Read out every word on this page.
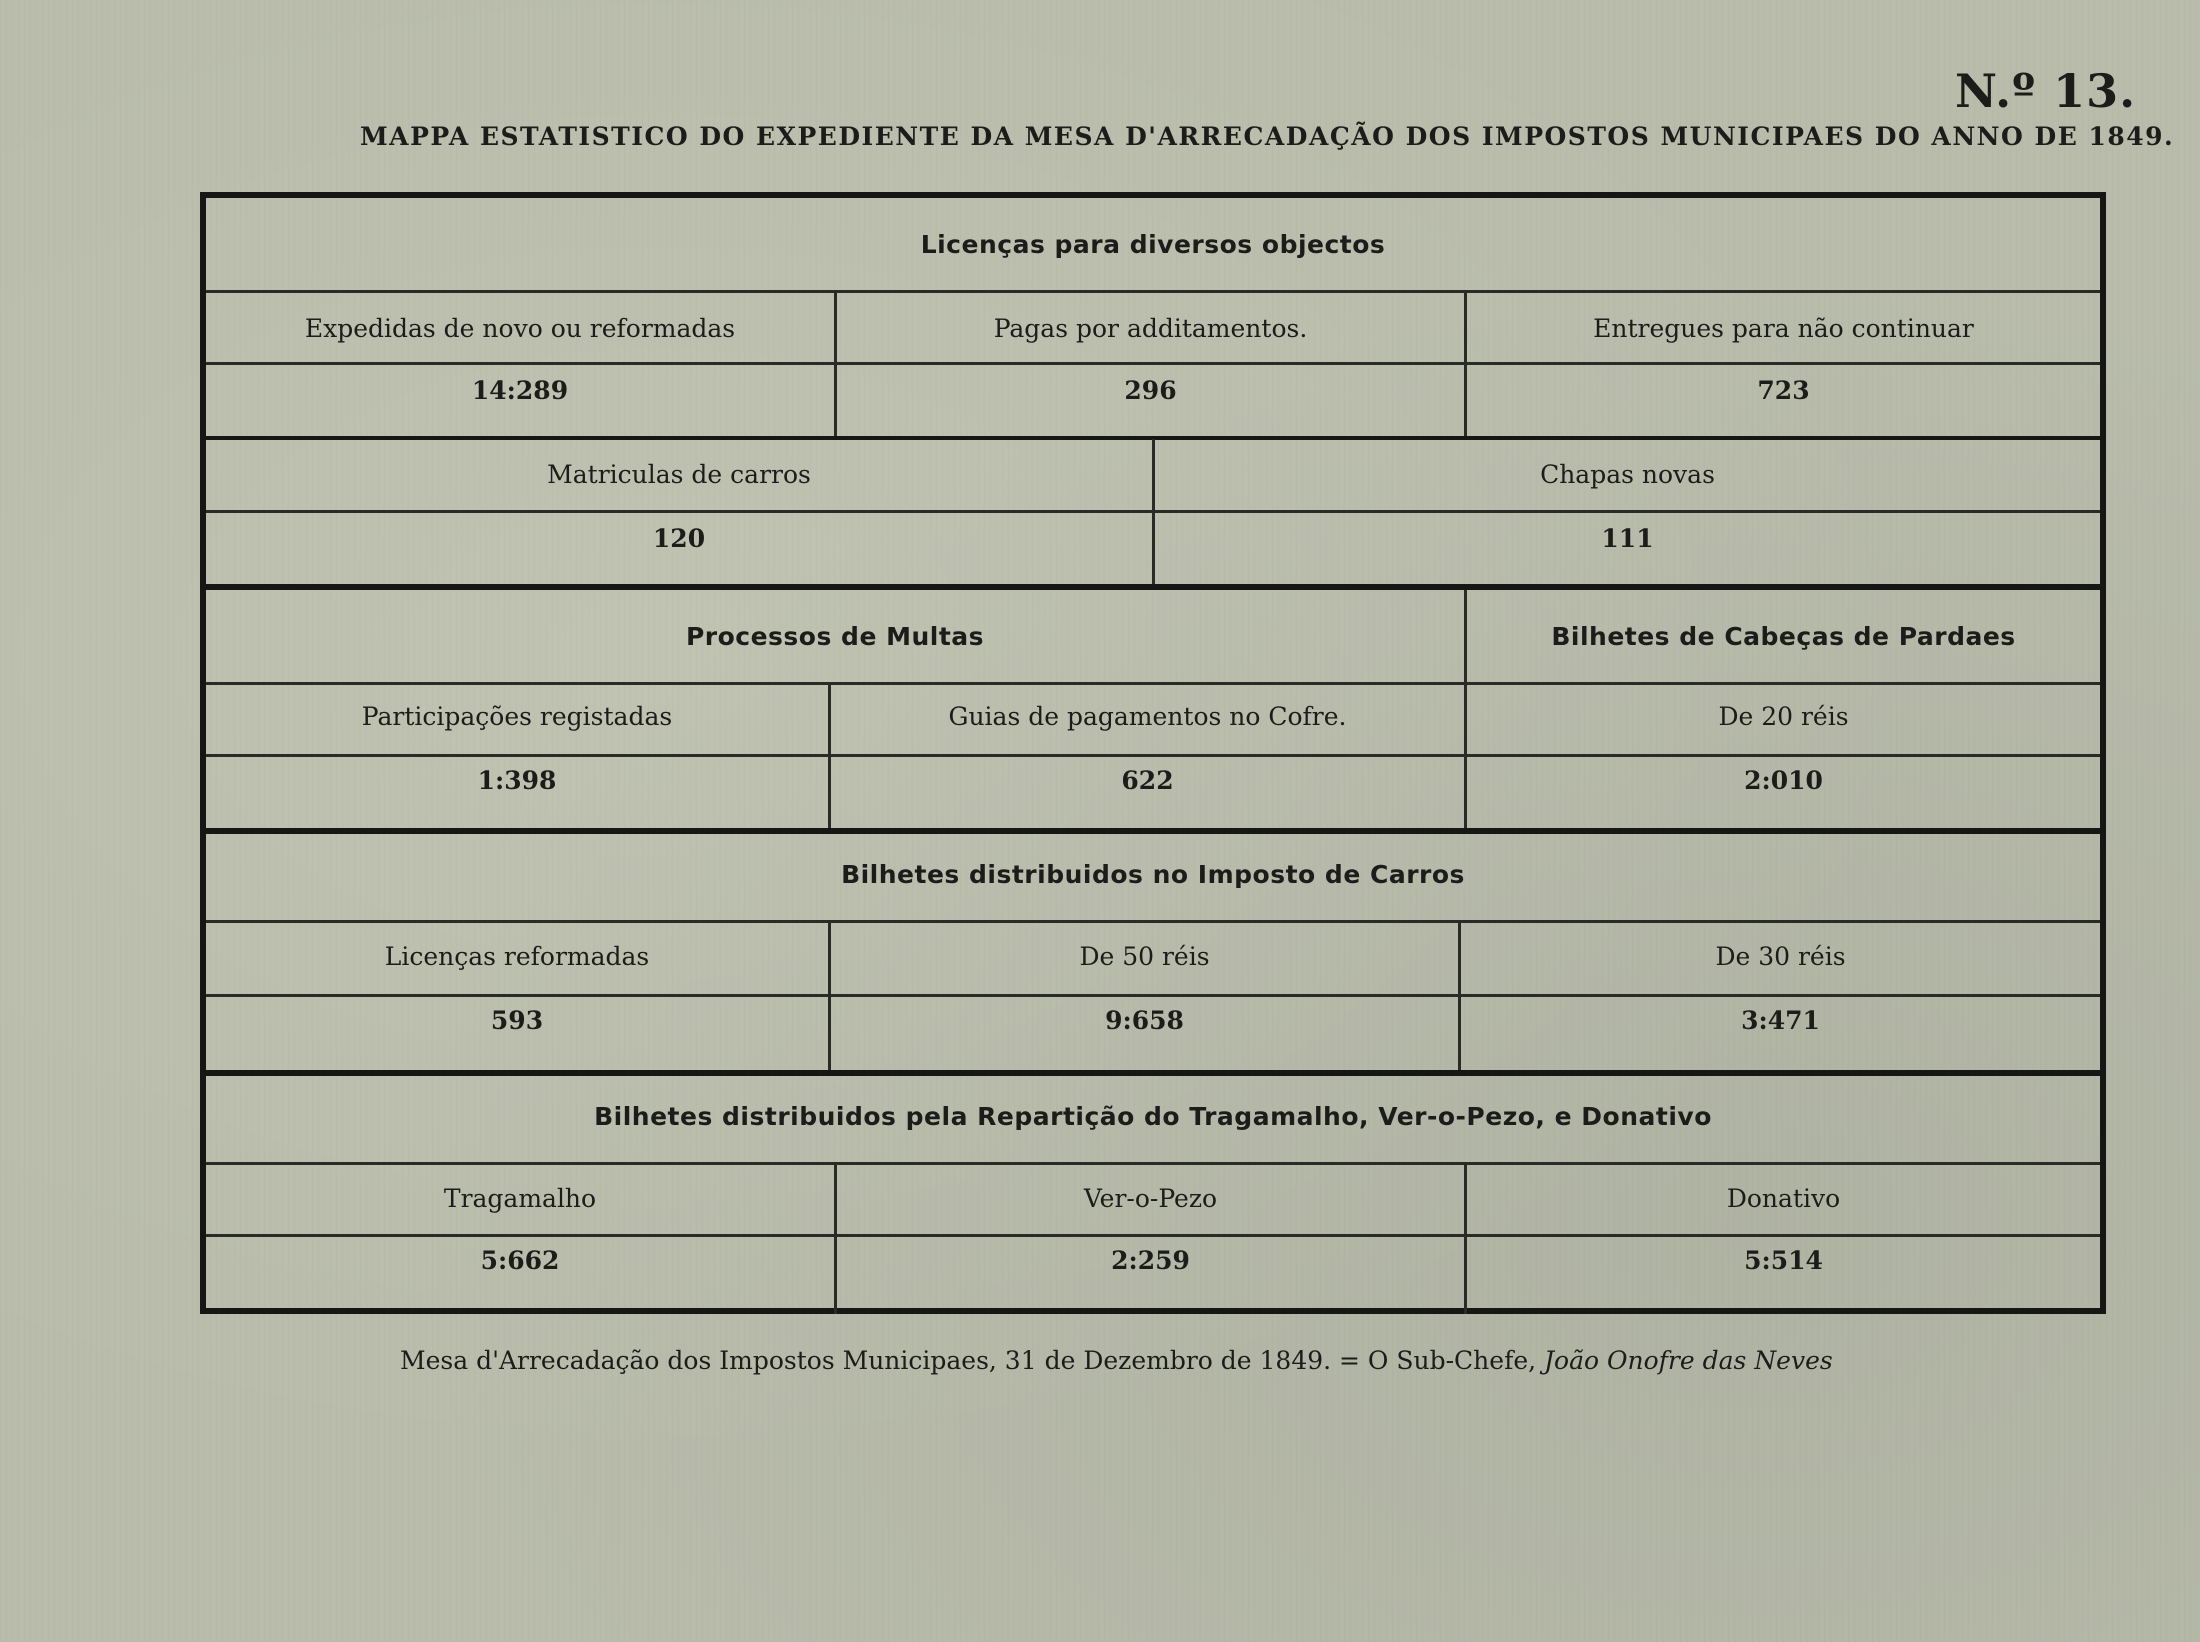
N.º 13.
MAPPA ESTATISTICO DO EXPEDIENTE DA MESA D'ARRECADAÇÃO DOS IMPOSTOS MUNICIPAES DO ANNO DE 1849.
Licenças para diversos objectos
Expedidas de novo ou reformadas	Pagas por additamentos.	Entregues para não continuar
14:289	296	723
Matriculas de carros	Chapas novas
120	111
Processos de Multas	Bilhetes de Cabeças de Pardaes
Participações registadas	Guias de pagamentos no Cofre.	De 20 réis
1:398	622	2:010
Bilhetes distribuidos no Imposto de Carros
Licenças reformadas	De 50 réis	De 30 réis
593	9:658	3:471
Bilhetes distribuidos pela Repartição do Tragamalho, Ver-o-Pezo, e Donativo
Tragamalho	Ver-o-Pezo	Donativo
5:662	2:259	5:514
Mesa d'Arrecadação dos Impostos Municipaes, 31 de Dezembro de 1849. = O Sub-Chefe, João Onofre das Neves
